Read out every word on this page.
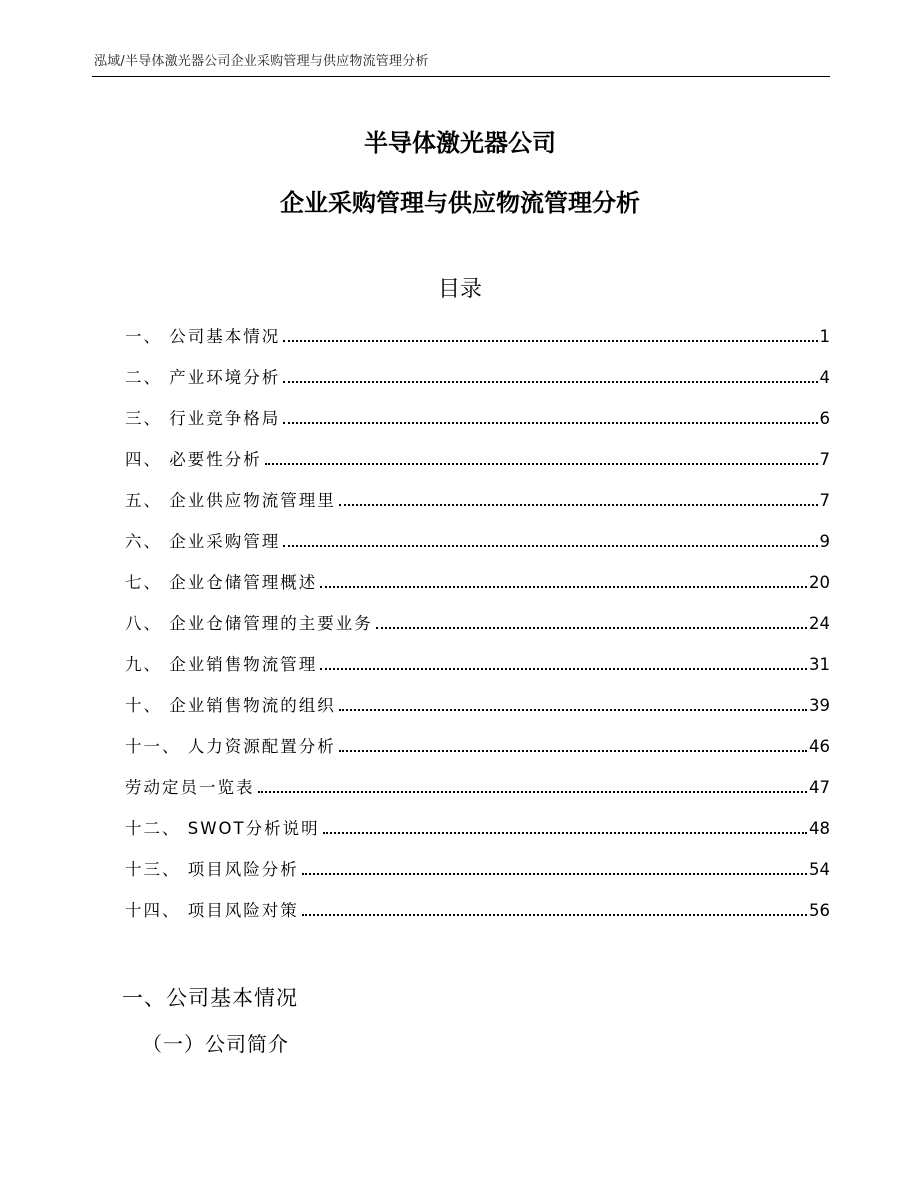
泓域/半导体激光器公司企业采购管理与供应物流管理分析
半导体激光器公司
企业采购管理与供应物流管理分析
目录
一、 公司基本情况	1
二、 产业环境分析	4
三、 行业竞争格局	6
四、 必要性分析	7
五、 企业供应物流管理里	7
六、 企业采购管理	9
七、 企业仓储管理概述	20
八、 企业仓储管理的主要业务	24
九、 企业销售物流管理	31
十、 企业销售物流的组织	39
十一、 人力资源配置分析	46
劳动定员一览表	47
十二、 SWOT分析说明	48
十三、 项目风险分析	54
十四、 项目风险对策	56
一、公司基本情况
（一）公司简介
